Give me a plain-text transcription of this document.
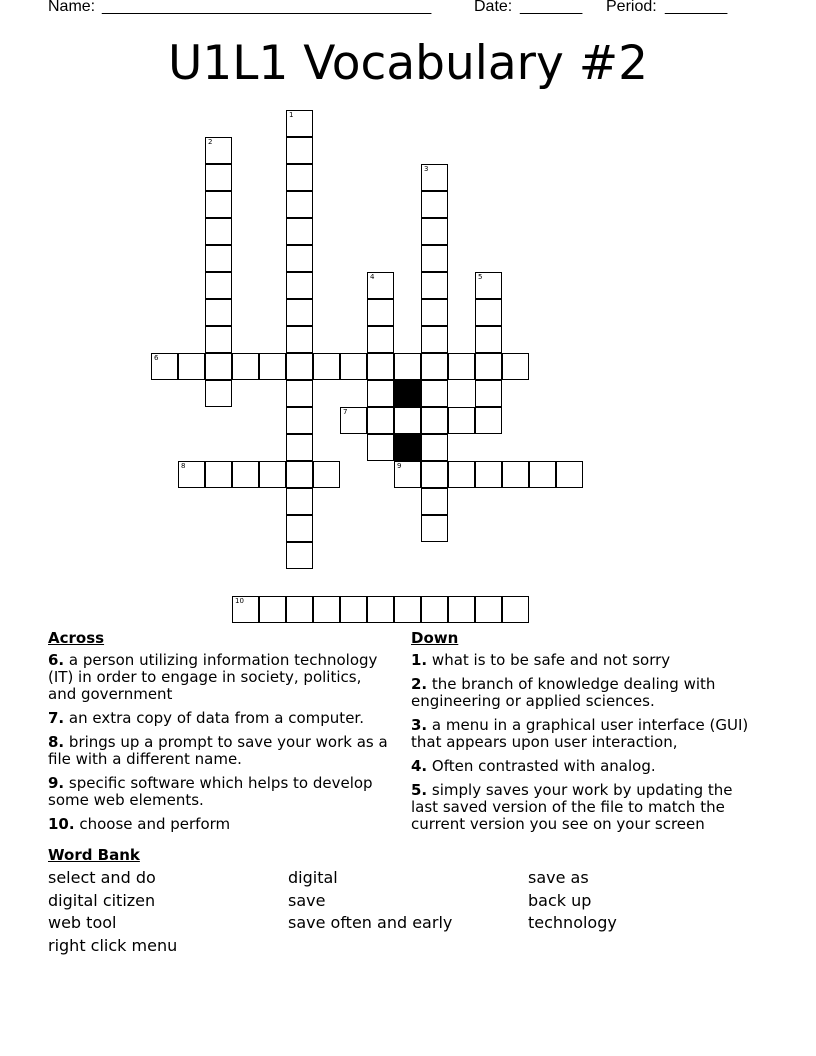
Name: _____________________________________	Date: _______ Period: _______
U1L1 Vocabulary #2
1
2
3
4	5
6
7
8	9
10
Across
6. a person utilizing information technology (IT) in order to engage in society, politics, and government
7. an extra copy of data from a computer.
8. brings up a prompt to save your work as a file with a different name.
9. specific software which helps to develop some web elements.
10. choose and perform
Down
1. what is to be safe and not sorry
2. the branch of knowledge dealing with engineering or applied sciences.
3. a menu in a graphical user interface (GUI) that appears upon user interaction,
4. Often contrasted with analog.
5. simply saves your work by updating the last saved version of the file to match the current version you see on your screen
Word Bank
select and do	digital	save as
digital citizen	save	back up
web tool	save often and early	technology
right click menu
